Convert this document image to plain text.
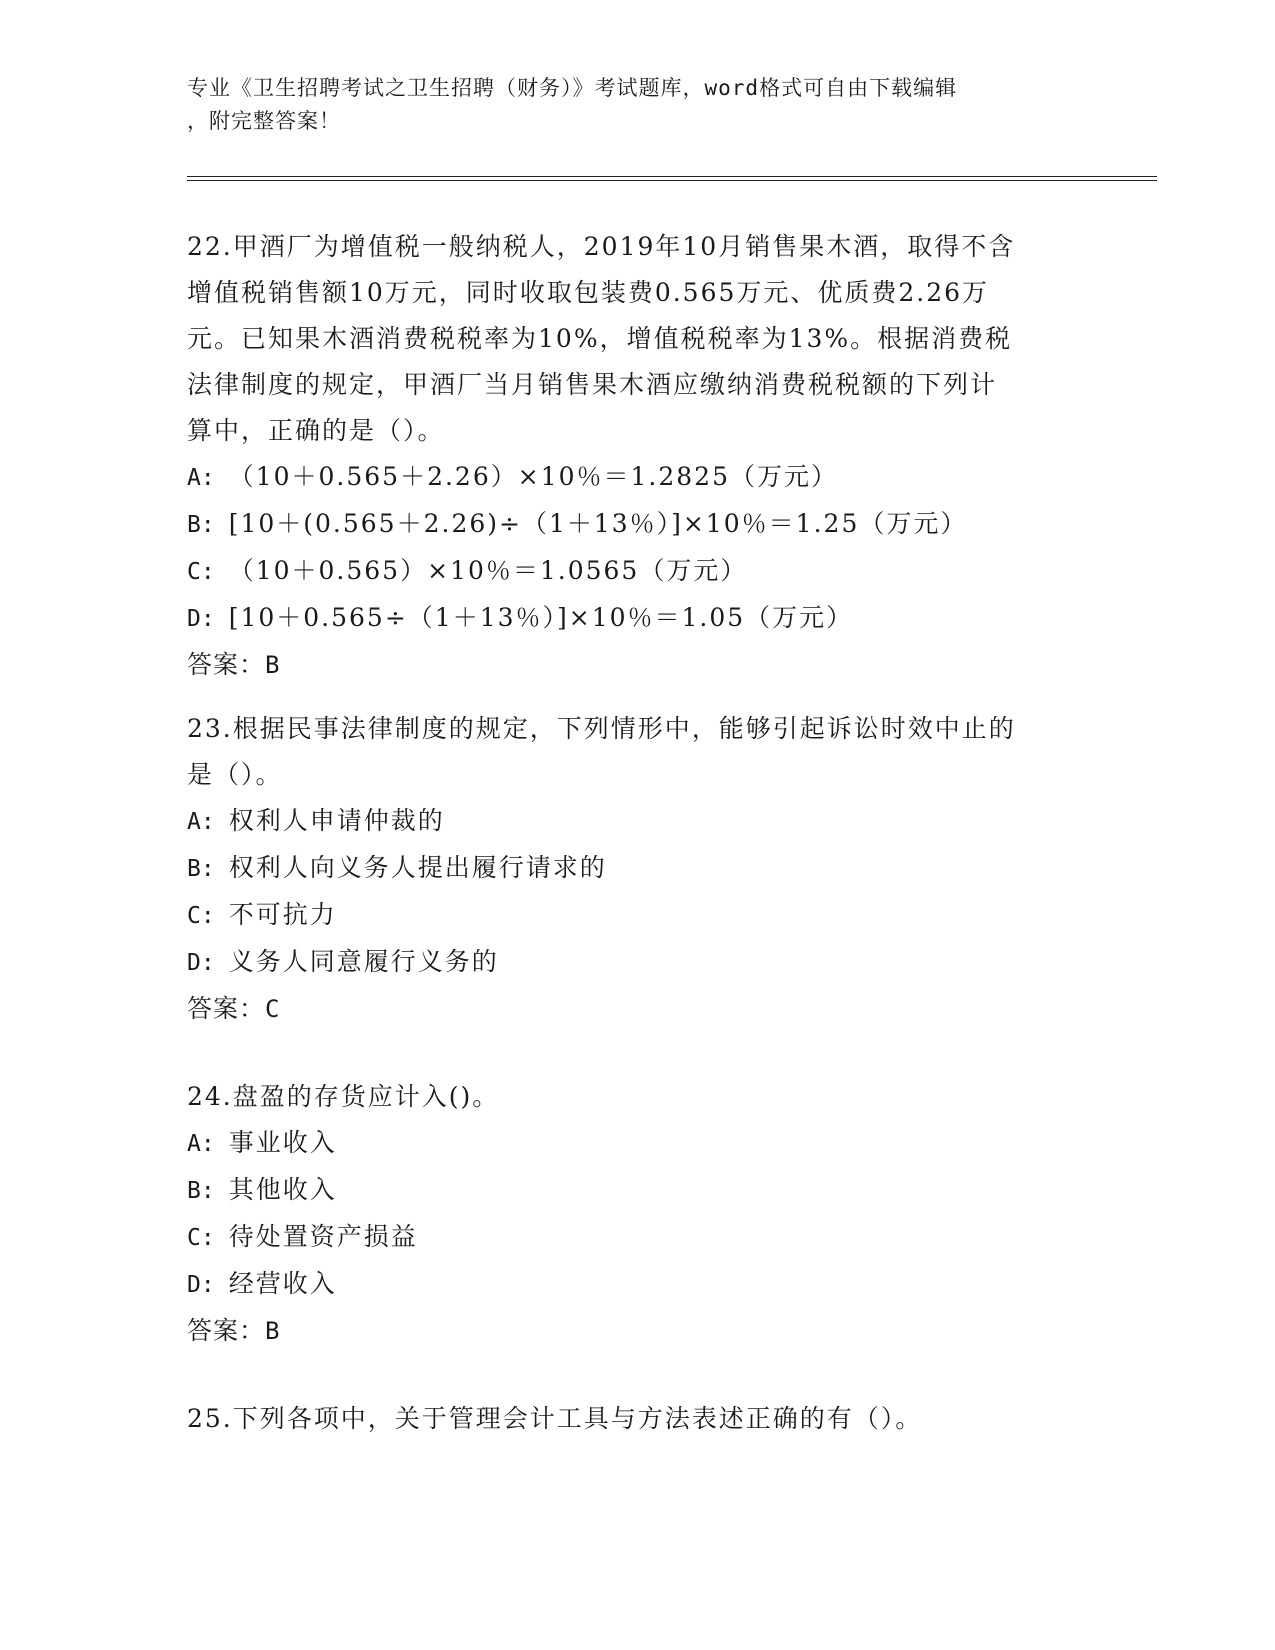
专业《卫生招聘考试之卫生招聘（财务）》考试题库，word格式可自由下载编辑
，附完整答案！

22.甲酒厂为增值税一般纳税人，2019年10月销售果木酒，取得不含

增值税销售额10万元，同时收取包装费0.565万元、优质费2.26万

元。已知果木酒消费税税率为10%，增值税税率为13%。根据消费税

法律制度的规定，甲酒厂当月销售果木酒应缴纳消费税税额的下列计

算中，正确的是（）。

A: （10＋0.565＋2.26）×10％＝1.2825（万元）

B: [10＋(0.565＋2.26)÷（1＋13％）]×10％＝1.25（万元）

C: （10＋0.565）×10％＝1.0565（万元）

D: [10＋0.565÷（1＋13％）]×10％＝1.05（万元）

答案：B

23.根据民事法律制度的规定，下列情形中，能够引起诉讼时效中止的

是（）。

A: 权利人申请仲裁的

B: 权利人向义务人提出履行请求的

C: 不可抗力

D: 义务人同意履行义务的

答案：C

24.盘盈的存货应计入()。

A: 事业收入

B: 其他收入

C: 待处置资产损益

D: 经营收入

答案：B

25.下列各项中，关于管理会计工具与方法表述正确的有（）。
